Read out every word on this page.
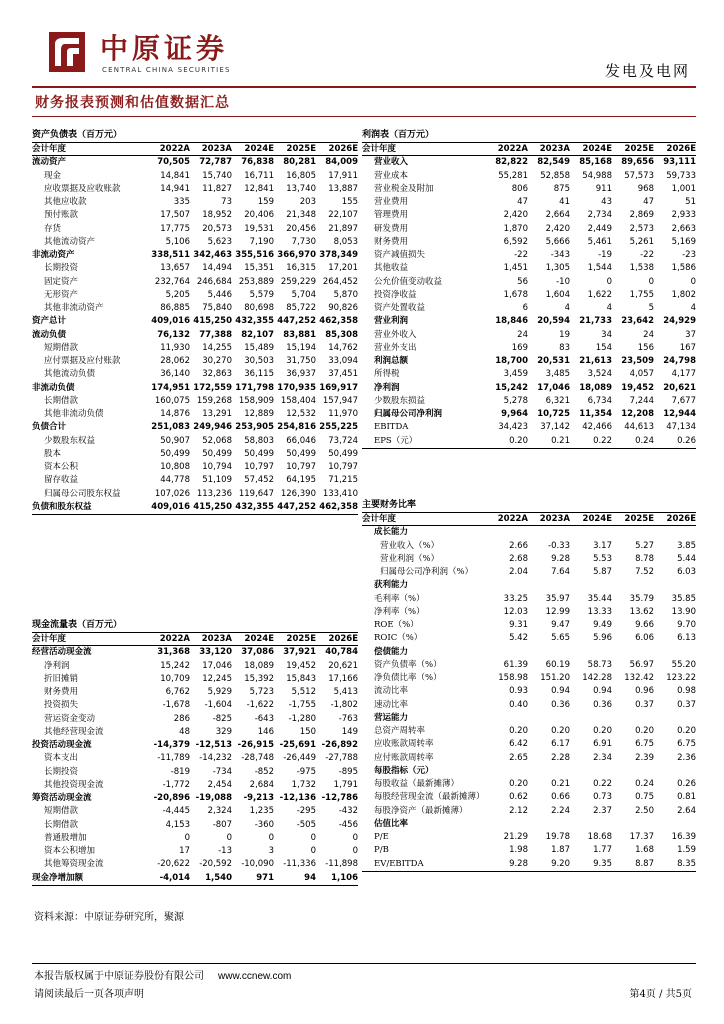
中原证券
CENTRAL CHINA SECURITIES	发电及电网
财务报表预测和估值数据汇总
资产负债表（百万元）
会计年度	2022A	2023A	2024E	2025E	2026E
流动资产	70,505	72,787	76,838	80,281	84,009
现金	14,841	15,740	16,711	16,805	17,911
应收票据及应收账款	14,941	11,827	12,841	13,740	13,887
其他应收款	335	73	159	203	155
预付账款	17,507	18,952	20,406	21,348	22,107
存货	17,775	20,573	19,531	20,456	21,897
其他流动资产	5,106	5,623	7,190	7,730	8,053
非流动资产	338,511 342,463 355,516 366,970 378,349
长期投资	13,657	14,494	15,351	16,315	17,201
固定资产	232,764 246,684 253,889 259,229 264,452
无形资产	5,205	5,446	5,579	5,704	5,870
其他非流动资产	86,885	75,840	80,698	85,722	90,826
资产总计	409,016 415,250 432,355 447,252 462,358
流动负债	76,132	77,388	82,107	83,881	85,308
短期借款	11,930	14,255	15,489	15,194	14,762
应付票据及应付账款	28,062	30,270	30,503	31,750	33,094
其他流动负债	36,140	32,863	36,115	36,937	37,451
非流动负债	174,951 172,559 171,798 170,935 169,917
长期借款	160,075 159,268 158,909 158,404 157,947
其他非流动负债	14,876	13,291	12,889	12,532	11,970
负债合计	251,083 249,946 253,905 254,816 255,225
少数股东权益	50,907	52,068	58,803	66,046	73,724
股本	50,499	50,499	50,499	50,499	50,499
资本公积	10,808	10,794	10,797	10,797	10,797
留存收益	44,778	51,109	57,452	64,195	71,215
归属母公司股东权益	107,026 113,236 119,647 126,390 133,410
负债和股东权益	409,016 415,250 432,355 447,252 462,358
利润表（百万元）
会计年度	2022A	2023A	2024E	2025E	2026E
营业收入	82,822	82,549	85,168	89,656	93,111
营业成本	55,281	52,858	54,988	57,573	59,733
营业税金及附加	806	875	911	968	1,001
营业费用	47	41	43	47	51
管理费用	2,420	2,664	2,734	2,869	2,933
研发费用	1,870	2,420	2,449	2,573	2,663
财务费用	6,592	5,666	5,461	5,261	5,169
资产减值损失	-22	-343	-19	-22	-23
其他收益	1,451	1,305	1,544	1,538	1,586
公允价值变动收益	56	-10	0	0	0
投资净收益	1,678	1,604	1,622	1,755	1,802
资产处置收益	6	4	4	5	4
营业利润	18,846	20,594	21,733	23,642	24,929
营业外收入	24	19	34	24	37
营业外支出	169	83	154	156	167
利润总额	18,700	20,531	21,613	23,509	24,798
所得税	3,459	3,485	3,524	4,057	4,177
净利润	15,242	17,046	18,089	19,452	20,621
少数股东损益	5,278	6,321	6,734	7,244	7,677
归属母公司净利润	9,964	10,725	11,354	12,208	12,944
EBITDA	34,423	37,142	42,466	44,613	47,134
EPS（元）	0.20	0.21	0.22	0.24	0.26
主要财务比率
会计年度	2022A	2023A	2024E	2025E	2026E
成长能力
营业收入（%）	2.66	-0.33	3.17	5.27	3.85
营业利润（%）	2.68	9.28	5.53	8.78	5.44
归属母公司净利润（%）	2.04	7.64	5.87	7.52	6.03
获利能力
毛利率（%）	33.25	35.97	35.44	35.79	35.85
净利率（%）	12.03	12.99	13.33	13.62	13.90
ROE（%）	9.31	9.47	9.49	9.66	9.70
ROIC（%）	5.42	5.65	5.96	6.06	6.13
偿债能力
资产负债率（%）	61.39	60.19	58.73	56.97	55.20
净负债比率（%）	158.98	151.20	142.28	132.42	123.22
流动比率	0.93	0.94	0.94	0.96	0.98
速动比率	0.40	0.36	0.36	0.37	0.37
营运能力
总资产周转率	0.20	0.20	0.20	0.20	0.20
应收账款周转率	6.42	6.17	6.91	6.75	6.75
应付账款周转率	2.65	2.28	2.34	2.39	2.36
每股指标（元）
每股收益（最新摊薄）	0.20	0.21	0.22	0.24	0.26
每股经营现金流（最新摊薄）	0.62	0.66	0.73	0.75	0.81
每股净资产（最新摊薄）	2.12	2.24	2.37	2.50	2.64
估值比率
P/E	21.29	19.78	18.68	17.37	16.39
P/B	1.98	1.87	1.77	1.68	1.59
EV/EBITDA	9.28	9.20	9.35	8.87	8.35
现金流量表（百万元）
会计年度	2022A	2023A	2024E	2025E	2026E
经营活动现金流	31,368	33,120	37,086	37,921	40,784
净利润	15,242	17,046	18,089	19,452	20,621
折旧摊销	10,709	12,245	15,392	15,843	17,166
财务费用	6,762	5,929	5,723	5,512	5,413
投资损失	-1,678	-1,604	-1,622	-1,755	-1,802
营运资金变动	286	-825	-643	-1,280	-763
其他经营现金流	48	329	146	150	149
投资活动现金流	-14,379 -12,513 -26,915 -25,691 -26,892
资本支出	-11,789	-14,232	-28,748	-26,449	-27,788
长期投资	-819	-734	-852	-975	-895
其他投资现金流	-1,772	2,454	2,684	1,732	1,791
筹资活动现金流	-20,896 -19,088	-9,213 -12,136 -12,786
短期借款	-4,445	2,324	1,235	-295	-432
长期借款	4,153	-807	-360	-505	-456
普通股增加	0	0	0	0	0
资本公积增加	17	-13	3	0	0
其他筹资现金流	-20,622	-20,592	-10,090	-11,336	-11,898
现金净增加额	-4,014	1,540	971	94	1,106
资料来源：中原证券研究所，聚源
本报告版权属于中原证券股份有限公司 www.ccnew.com
请阅读最后一页各项声明	第4页 / 共5页
